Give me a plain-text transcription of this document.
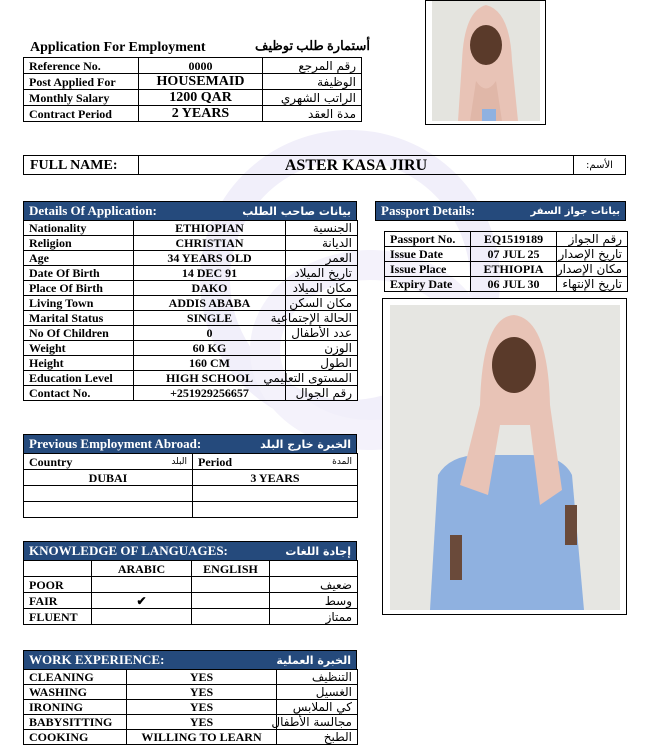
Application For Employment	أستمارة طلب توظيف
Reference No.	0000	رقم المرجع
Post Applied For	HOUSEMAID	الوظيفة
Monthly Salary	1200 QAR	الراتب الشهري
Contract Period	2 YEARS	مدة العقد
FULL NAME:	ASTER KASA JIRU	الأسم:
Details Of Application:	بيانات صاحب الطلب
Nationality	ETHIOPIAN	الجنسية
Religion	CHRISTIAN	الديانة
Age	34 YEARS OLD	العمر
Date Of Birth	14 DEC 91	تاريخ الميلاد
Place Of Birth	DAKO	مكان الميلاد
Living Town	ADDIS ABABA	مكان السكن
Marital Status	SINGLE	الحالة الإجتماعية
No Of Children	0	عدد الأطفال
Weight	60 KG	الوزن
Height	160 CM	الطول
Education Level	HIGH SCHOOL	المستوى التعليمي
Contact No.	+251929256657	رقم الجوال
Passport Details:	بيانات جواز السفر
Passport No.	EQ1519189	رقم الجواز
Issue Date	07 JUL 25	تاريخ الإصدار
Issue Place	ETHIOPIA	مكان الإصدار
Expiry Date	06 JUL 30	تاريخ الإنتهاء
Previous Employment Abroad:	الخبرة خارج البلد
Country البلد	Period المدة

DUBAI	3 YEARS

KNOWLEDGE OF LANGUAGES:	إجادة اللغات
	ARABIC	ENGLISH	
POOR			ضعيف
FAIR	✔		وسط
FLUENT			ممتاز
WORK EXPERIENCE:	الخبرة العملية
CLEANING	YES	التنظيف
WASHING	YES	الغسيل
IRONING	YES	كي الملابس
BABYSITTING	YES	مجالسة الأطفال
COOKING	WILLING TO LEARN	الطبخ
